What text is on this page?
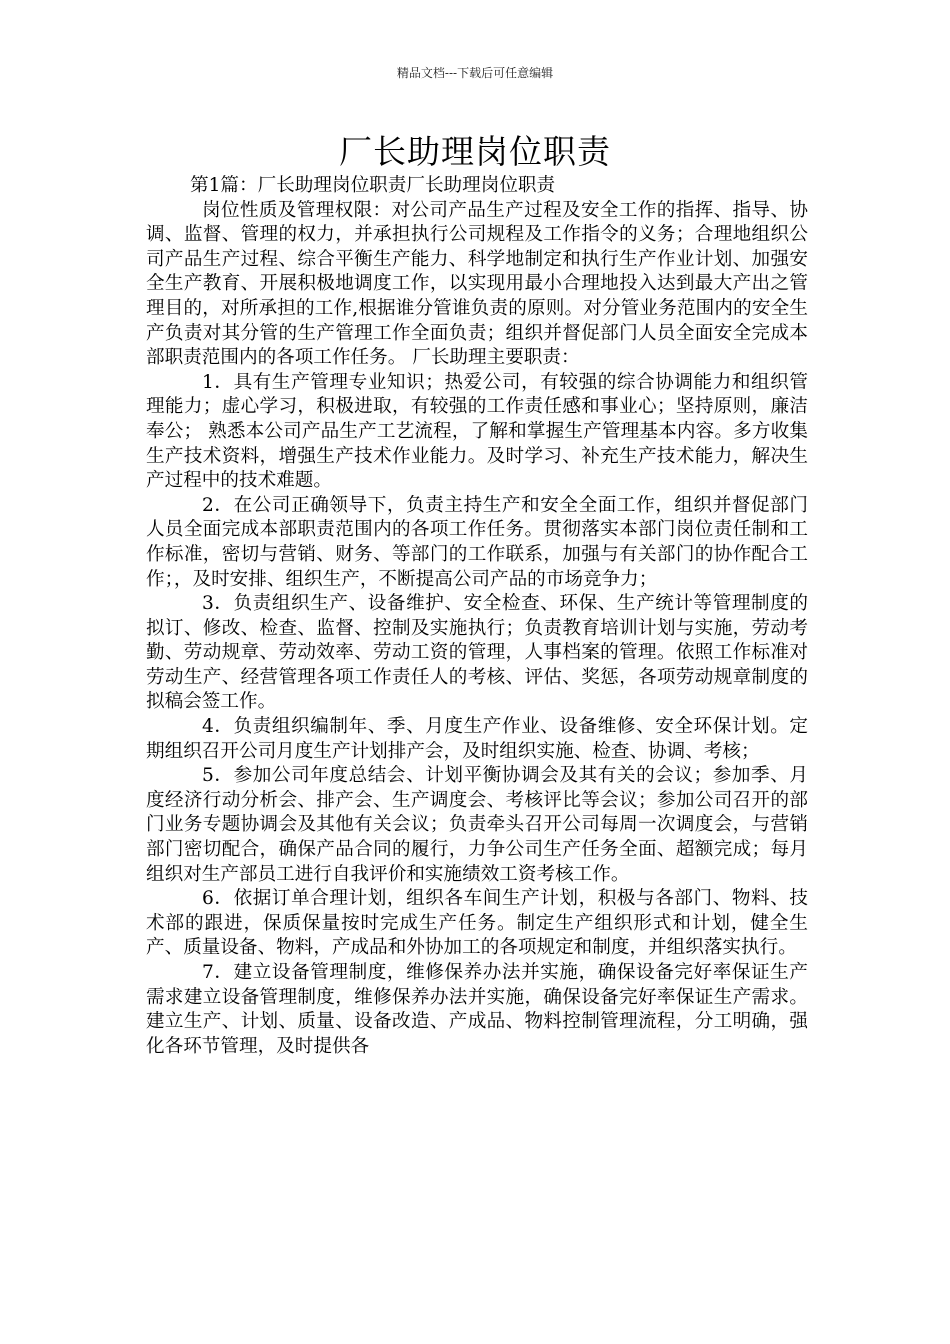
精品文档---下载后可任意编辑
厂长助理岗位职责

第1篇：厂长助理岗位职责厂长助理岗位职责

岗位性质及管理权限：对公司产品生产过程及安全工作的指挥、指导、协调、监督、管理的权力，并承担执行公司规程及工作指令的义务；合理地组织公司产品生产过程、综合平衡生产能力、科学地制定和执行生产作业计划、加强安全生产教育、开展积极地调度工作，以实现用最小合理地投入达到最大产出之管理目的，对所承担的工作,根据谁分管谁负责的原则。对分管业务范围内的安全生产负责对其分管的生产管理工作全面负责；组织并督促部门人员全面安全完成本部职责范围内的各项工作任务。 厂长助理主要职责：

1．具有生产管理专业知识；热爱公司，有较强的综合协调能力和组织管理能力；虚心学习，积极进取，有较强的工作责任感和事业心；坚持原则，廉洁奉公； 熟悉本公司产品生产工艺流程，了解和掌握生产管理基本内容。多方收集生产技术资料，增强生产技术作业能力。及时学习、补充生产技术能力，解决生产过程中的技术难题。

2．在公司正确领导下，负责主持生产和安全全面工作，组织并督促部门人员全面完成本部职责范围内的各项工作任务。贯彻落实本部门岗位责任制和工作标准，密切与营销、财务、等部门的工作联系，加强与有关部门的协作配合工作；，及时安排、组织生产，不断提高公司产品的市场竞争力；

3．负责组织生产、设备维护、安全检查、环保、生产统计等管理制度的拟订、修改、检查、监督、控制及实施执行；负责教育培训计划与实施，劳动考勤、劳动规章、劳动效率、劳动工资的管理，人事档案的管理。依照工作标准对劳动生产、经营管理各项工作责任人的考核、评估、奖惩，各项劳动规章制度的拟稿会签工作。

4．负责组织编制年、季、月度生产作业、设备维修、安全环保计划。定期组织召开公司月度生产计划排产会，及时组织实施、检查、协调、考核；

5．参加公司年度总结会、计划平衡协调会及其有关的会议；参加季、月度经济行动分析会、排产会、生产调度会、考核评比等会议；参加公司召开的部门业务专题协调会及其他有关会议；负责牵头召开公司每周一次调度会，与营销部门密切配合，确保产品合同的履行，力争公司生产任务全面、超额完成；每月组织对生产部员工进行自我评价和实施绩效工资考核工作。

6．依据订单合理计划，组织各车间生产计划，积极与各部门、物料、技术部的跟进，保质保量按时完成生产任务。制定生产组织形式和计划，健全生产、质量设备、物料，产成品和外协加工的各项规定和制度，并组织落实执行。

7．建立设备管理制度，维修保养办法并实施，确保设备完好率保证生产需求建立设备管理制度，维修保养办法并实施，确保设备完好率保证生产需求。建立生产、计划、质量、设备改造、产成品、物料控制管理流程，分工明确，强化各环节管理，及时提供各
